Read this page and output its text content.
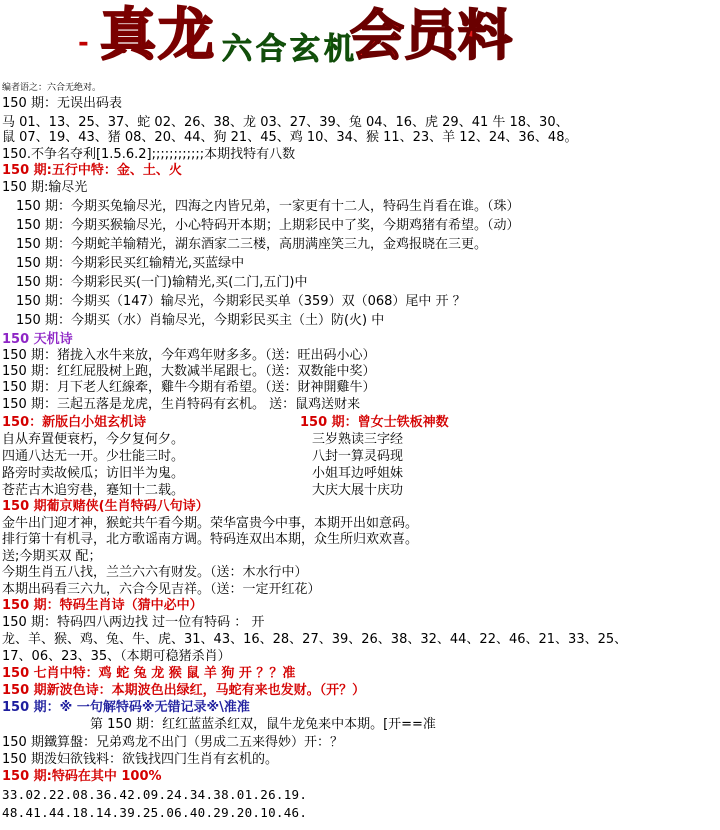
- 真 龙 六合玄机
会员料
编者语之：六合无绝对。
150 期：无误出码表
马 01、13、25、37、蛇 02、26、38、龙 03、27、39、兔 04、16、虎 29、41 牛 18、30、
鼠 07、19、43、猪 08、20、44、狗 21、45、鸡 10、34、猴 11、23、羊 12、24、36、48。
150.不争名夺利[1.5.6.2];;;;;;;;;;;;本期找特有八数
150 期:五行中特：金、土、火
150 期:输尽光
150 期：今期买兔输尽光，四海之内皆兄弟，一家更有十二人，特码生肖看在谁。（珠）
150 期：今期买猴输尽光，小心特码开本期；上期彩民中了奖，今期鸡猪有希望。（动）
150 期：今期蛇羊输精光，湖东酒家二三楼，高朋满座笑三九，金鸡报晓在三更。
150 期：今期彩民买红输精光,买蓝绿中
150 期：今期彩民买(一门)输精光,买(二门,五门)中
150 期：今期买（147）输尽光，今期彩民买单（359）双（068）尾中 开 ？
150 期：今期买（水）肖输尽光，今期彩民买主（土）防(火) 中
150 天机诗
150 期：猪拢入水牛来放，今年鸡年财多多。（送：旺出码小心）
150 期：红红屁股树上跑，大数减半尾跟七。（送：双数能中奖）
150 期：月下老人红線牽，雞牛今期有希望。（送：財神開雞牛）
150 期：三起五落是龙虎，生肖特码有玄机。 送：鼠鸡送财来
150：新版白小姐玄机诗	150 期：曾女士铁板神数
自从弃置便衰朽，今夕复何夕。	三岁熟读三字经
四通八达无一开。少壮能三时。	八封一算灵码现
路旁时卖故候瓜；访旧半为鬼。	小姐耳边呼姐妹
苍茫古木追穷巷，蹇知十二载。	大庆大展十庆功
150 期葡京赌侠(生肖特码八句诗）
金牛出门迎才神，猴蛇共午看今期。荣华富贵今中事，本期开出如意码。
排行第十有机寻，北方歌谣南方调。特码连双出本期，众生所归欢欢喜。
送;今期买双 配；
今期生肖五八找，兰兰六六有财发。（送：木水行中）
本期出码看三六九，六合今见吉祥。（送：一定开红花）
150 期：特码生肖诗（猜中必中）
150 期：特码四八两边找 过一位有特码 ： 开
龙、羊、猴、鸡、兔、牛、虎、31、43、16、28、27、39、26、38、32、44、22、46、21、33、25、
17、06、23、35、（本期可稳猪杀肖）
150 七肖中特：鸡 蛇 兔 龙 猴 鼠 羊 狗 开 ？？准
150 期新波色诗：本期波色出绿红，马蛇有来也发财。（开？）
150 期：※ 一句解特码※无错记录※\准准
第 150 期：红红蓝蓝杀红双，鼠牛龙兔来中本期。[开==准
150 期鐵算盤：兄弟鸡龙不出门（男成二五来得妙）开：？
150 期泼妇欲钱料：欲钱找四门生肖有玄机的。
150 期:特码在其中 100%
33.02.22.08.36.42.09.24.34.38.01.26.19.
48.41.44.18.14.39.25.06.40.29.20.10.46.
